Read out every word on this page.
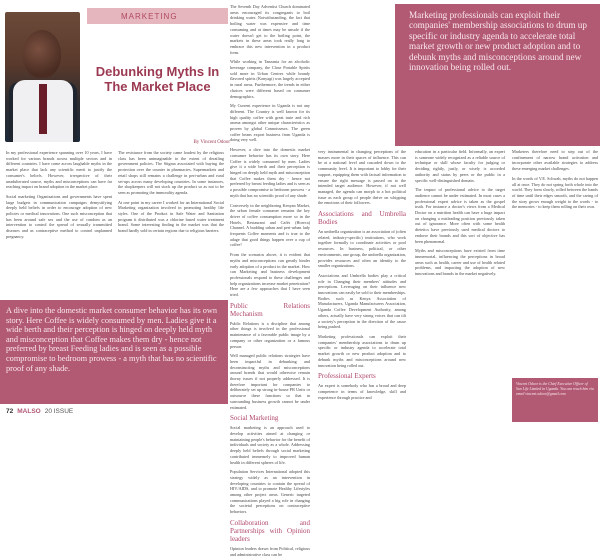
MARKETING
Debunking Myths In The Market Place
By Vincent Odoor

In my professional experience spanning over 10 years, I have worked for various brands across multiple sectors and in different countries. I have come across laughable myths in the market place that lack any scientific merit to justify the consumer's beliefs. However, irrespective of their unadulterated source, myths and misconceptions can have far reaching impact on brand adoption in the market place.

Social marketing Organizations and governments have spent large budgets in communication campaigns demystifying deeply held beliefs in order to encourage adoption of new policies or medical innovations. One such misconception that has been around safe sex and the use of condom as an intervention to control the spread of sexually transmitted diseases and as contraceptive method to control unplanned pregnancy.

The resistance from the society came loudest by the religious class has been unimaginable to the extent of derailing government policies. The Stigma associated with buying the protection over the counter in pharmacies, Supermarkets and retail shops still remains a challenge in peri-urban and rural set-ups across many developing countries. In some instances, the shopkeepers will not stock up the product so as not to be seen as promoting the immorality agenda.

At one point in my career I worked for an International Social Marketing organization involved in promoting healthy life styles. One of the Product in Safe Water and Sanitation program it distributed was a chlorine based water treatment brand. Some interesting finding in the market was that the brand hardly sold in certain regions due to religious barriers.

The Seventh Day Adventist Church dominated areas encouraged its congregants to boil drinking water. Notwithstanding, the fact that boiling water was expensive and time consuming and at times may be unsafe if the water doesn't get to the boiling point, the markets in these areas took really long to embrace this new intervention in a product form.

While working in Tanzania for an alcoholic beverage company, the Close Portable Spirits sold more in Urban Centres while brandy flavored spirits (Konyagi) was largely accepted in rural areas. Furthermore, the trends in either choices were different based on consumer demographics.

My Current experience in Uganda is not any different. The Country is well known for its high quality coffee with great taste and rich aroma amongst other unique characteristics as proven by global Connoisseurs. The green coffee beans export business from Uganda is doing very well.

However, a dive into the domestic market consumer behavior has its own story. Here Coffee is widely consumed by men. Ladies give it a wide berth and their perception is hinged on deeply held myth and misconception that Coffee makes them dry - hence not preferred by breast feeding ladies and is seen as a possible compromise to bedroom prowess - a myth that has no scientific proof of any shade.

Conversely in the neighboring Kenyan Market, the urban female consumer remains the key driver of coffee consumption more so in the Hotels, Restaurant and Cafés (Horeca) Channel. A budding urban and peri-urban lady frequents Coffee moments and is true to the adage that good things happen over a cup of coffee!

From the scenarios above, it is evident that myths and misconceptions can greatly hinder early adoption of a product in the market. How can Marketing and business development professionals respond to these challenges and help organizations increase market penetration? Here are a few approaches that I have seen tried.

Public Relations Mechanism

Public Relations is a discipline that among other things is involved in the professional maintenance of a favorable public image by a company or other organization or a famous person.

Well managed public relations strategies have been impactful in debunking and deconstructing myths and misconceptions around brands that would otherwise remain thorny issues if not properly addressed. It is therefore important for companies to deliberately set up strong in-house PR Units or outsource these functions so that in surrounding business growth cannot be under estimated.

Social Marketing

Social marketing is an approach used to develop activities aimed at changing or maintaining people's behavior for the benefit of individuals and society as a whole. Addressing deeply held beliefs through social marketing contributed immensely to improved human health in different spheres of life.

Population Services International adopted this strategy widely as an intervention in developing countries to contain the spread of HIV/AIDS, and to promote Healthy Lifestyles among other project areas. Generic targeted communications played a big role in changing the societal perceptions on contraceptive behaviors.

Collaboration and Partnerships with Opinion leaders

Opinion leaders drawn from Political, religious and administrative class can be

Marketing professionals can exploit their companies' membership associations to drum up specific or industry agenda to accelerate total market growth or new product adoption and to debunk myths and misconceptions around new innovation being rolled out.

very instrumental in changing perceptions of the masses more in their spaces of influence. This can be at a national level and cascaded down to the community level. It is important to lobby for their support, equipping them with factual information to ensure the right message is passed on to the intended target audience. However, if not well managed, the agenda can morph to a hot political issue as each group of people thrive on whipping the emotions of their followers.

Associations and Umbrella Bodies

An umbrella organization is an association of (often related, industry-specific) institutions, who work together formally to coordinate activities or pool resources. In business, political, or other environments, one group, the umbrella organization, provides resources and often an identity to the smaller organizations.

Associations and Umbrella bodies play a critical role in Changing their members' attitudes and perceptions. Leveraging on their influence new innovations can easily be sold to their memberships. Bodies such as Kenya Association of Manufacturers, Uganda Manufacturers Association, Uganda Coffee Development Authority, among others, actually have very strong voices that can tilt a society's perception in the direction of the cause being pushed.

Marketing professionals can exploit their companies' membership associations to drum up specific or industry agenda to accelerate total market growth or new product adoption and to debunk myths and misconceptions around new innovation being rolled out.

Professional Experts

An expert is somebody who has a broad and deep competence in terms of knowledge, skill and experience through practice and

education in a particular field. Informally, an expert is someone widely recognized as a reliable source of technique or skill whose faculty for judging or deciding rightly, justly, or wisely is accorded authority and status by peers or the public in a specific well-distinguished domain.

The impact of professional advice to the target audience cannot be under estimated. In most cases a professional expert advice is taken as the gospel truth. For instance a doctor's views from a Medical Doctor on a nutrition health can have a huge impact on changing a misleading position previously taken out of ignorance. More often with some health dietetics have previously used medical doctors to endorse their brands and this sort of objective has been phenomenal.

Myths and misconceptions have existed from time immemorial, influencing the perceptions in broad areas such as health, career and use of health related problems, and impacting the adoption of new innovations and brands in the market negatively.

Marketers therefore need to step out of the confinement of narrow brand activation and incorporate other available strategies to address these emerging market challenges.

In the words of V.E. Schwab, myths do not happen all at once. They do not spring forth whole into the world. They form slowly, rolled between the hands of time until their edges smooth, and the caring of the story grows enough weight to the words - to the memories - to keep them rolling on their own.

Vincent Odoor is the Chief Executive Officer of Sun Life Limited in Uganda. You can reach him via email vincent.odoor@gmail.com
A dive into the domestic market consumer behavior has its own story. Here Coffee is widely consumed by men. Ladies give it a wide berth and their perception is hinged on deeply held myth and misconception that Coffee makes them dry - hence not preferred by breast Feeding ladies and is seen as a possible compromise to bedroom prowess - a myth that has no scientific proof of any shade.
72 MALSO 20 ISSUE
